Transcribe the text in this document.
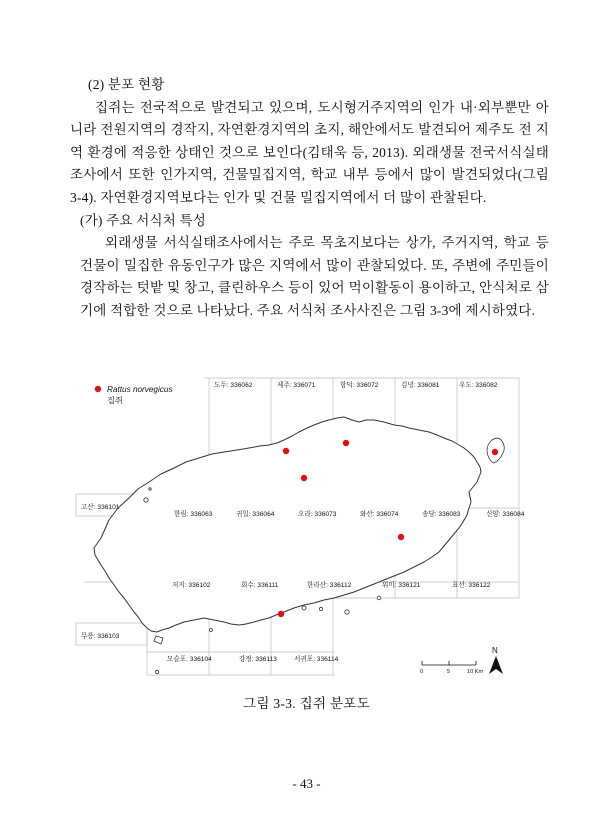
(2) 분포 현황

집쥐는 전국적으로 발견되고 있으며, 도시형거주지역의 인가 내·외부뿐만 아니라 전원지역의 경작지, 자연환경지역의 초지, 해안에서도 발견되어 제주도 전 지역 환경에 적응한 상태인 것으로 보인다(김태욱 등, 2013). 외래생물 전국서식실태조사에서 또한 인가지역, 건물밀집지역, 학교 내부 등에서 많이 발견되었다(그림 3-4). 자연환경지역보다는 인가 및 건물 밀집지역에서 더 많이 관찰된다.

(가) 주요 서식처 특성

외래생물 서식실태조사에서는 주로 목초지보다는 상가, 주거지역, 학교 등 건물이 밀집한 유동인구가 많은 지역에서 많이 관찰되었다. 또, 주변에 주민들이 경작하는 텃밭 및 창고, 클린하우스 등이 있어 먹이활동이 용이하고, 안식처로 삼기에 적합한 것으로 나타났다. 주요 서식처 조사사진은 그림 3-3에 제시하였다.

도두: 336062	제주: 336071	함덕: 336072	김녕: 336081	우도: 336082
고산: 336101
한림: 336063	귀일: 336064	오라: 336073	와산: 336074	송당: 336083	신양: 336084
저지: 336102	회수: 336111	한라산: 336112	위미: 336121	표선: 336122
무릉: 336103
모슬포: 336104	강정: 336113	서귀포: 336114
Rattus norvegicus
집쥐
0	5	10 Km
N
그림 3-3. 집쥐 분포도
- 43 -
